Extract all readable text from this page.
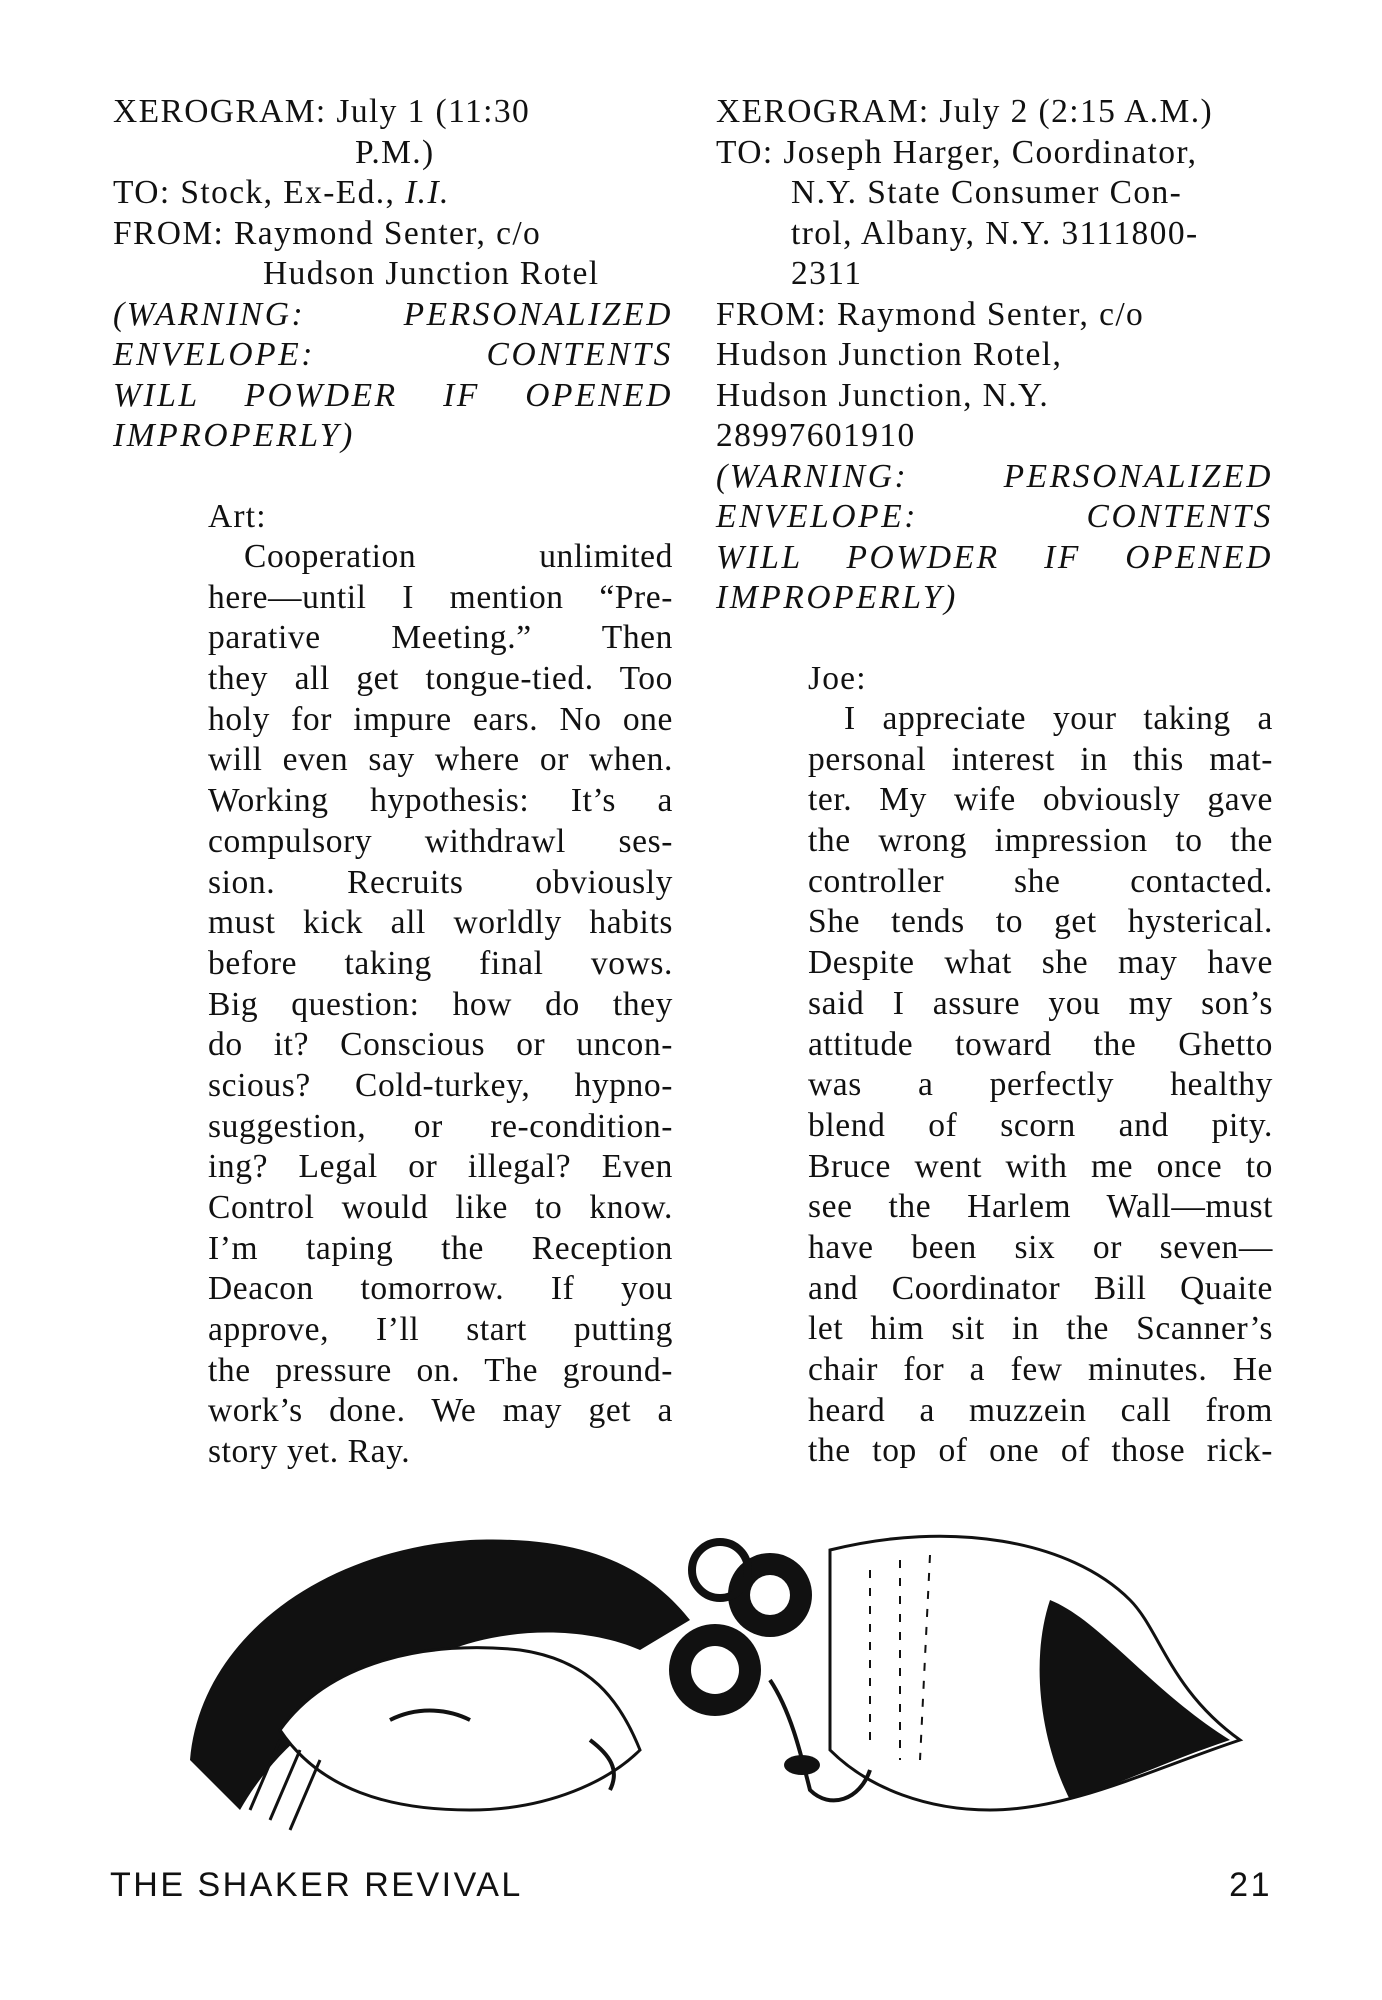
XEROGRAM: July 1 (11:30
P.M.)
TO: Stock, Ex-Ed., I.I.
FROM: Raymond Senter, c/o
Hudson Junction Rotel
(WARNING: PERSONALIZED
ENVELOPE: CONTENTS
WILL POWDER IF OPENED
IMPROPERLY)
Art:
Cooperation unlimited
here—until I mention “Pre-
parative Meeting.” Then
they all get tongue-tied. Too
holy for impure ears. No one
will even say where or when.
Working hypothesis: It’s a
compulsory withdrawl ses-
sion. Recruits obviously
must kick all worldly habits
before taking final vows.
Big question: how do they
do it? Conscious or uncon-
scious? Cold-turkey, hypno-
suggestion, or re-condition-
ing? Legal or illegal? Even
Control would like to know.
I’m taping the Reception
Deacon tomorrow. If you
approve, I’ll start putting
the pressure on. The ground-
work’s done. We may get a
story yet. Ray.
XEROGRAM: July 2 (2:15 A.M.)
TO: Joseph Harger, Coordinator,
N.Y. State Consumer Con-
trol, Albany, N.Y. 3111800-
2311
FROM: Raymond Senter, c/o
Hudson Junction Rotel,
Hudson Junction, N.Y.
28997601910
(WARNING: PERSONALIZED
ENVELOPE: CONTENTS
WILL POWDER IF OPENED
IMPROPERLY)
Joe:
I appreciate your taking a
personal interest in this mat-
ter. My wife obviously gave
the wrong impression to the
controller she contacted.
She tends to get hysterical.
Despite what she may have
said I assure you my son’s
attitude toward the Ghetto
was a perfectly healthy
blend of scorn and pity.
Bruce went with me once to
see the Harlem Wall—must
have been six or seven—
and Coordinator Bill Quaite
let him sit in the Scanner’s
chair for a few minutes. He
heard a muzzein call from
the top of one of those rick-
THE SHAKER REVIVAL	21
